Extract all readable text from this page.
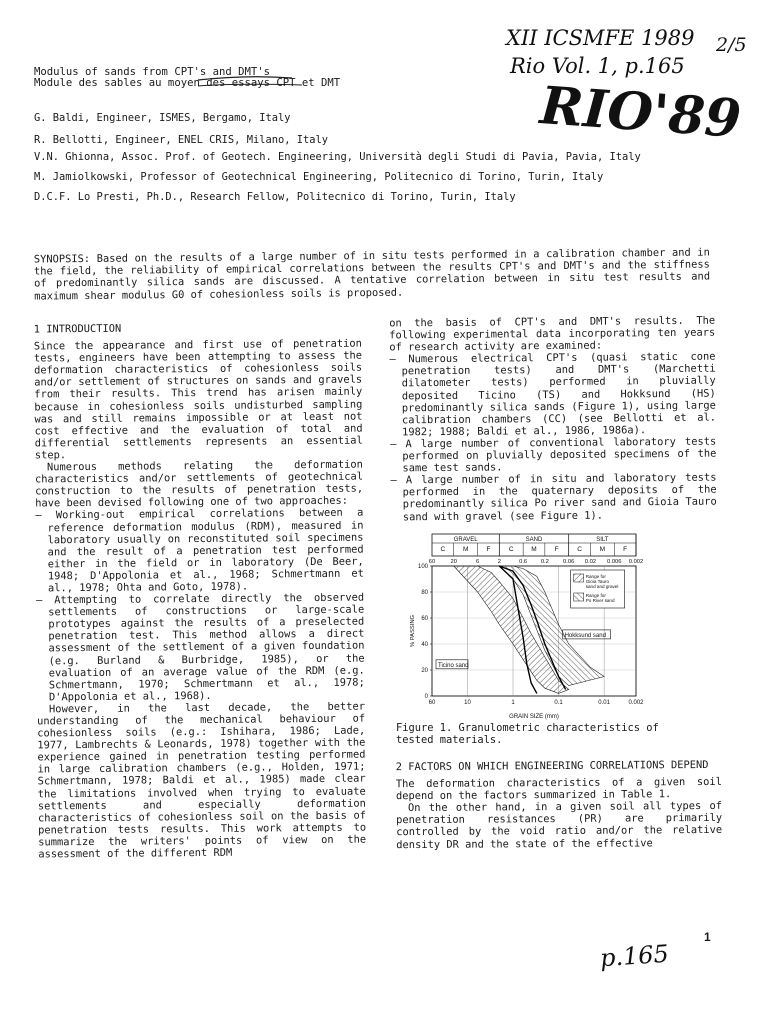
XII ICSMFE 1989 2/5
Rio Vol. 1, p.165
RIO'89
Modulus of sands from CPT's and DMT's
Module des sables au moyen des essays CPT et DMT
G. Baldi, Engineer, ISMES, Bergamo, Italy
R. Bellotti, Engineer, ENEL CRIS, Milano, Italy
V.N. Ghionna, Assoc. Prof. of Geotech. Engineering, Università degli Studi di Pavia, Pavia, Italy
M. Jamiolkowski, Professor of Geotechnical Engineering, Politecnico di Torino, Turin, Italy
D.C.F. Lo Presti, Ph.D., Research Fellow, Politecnico di Torino, Turin, Italy
SYNOPSIS: Based on the results of a large number of in situ tests performed in a calibration chamber and in the field, the reliability of empirical correlations between the results CPT's and DMT's and the stiffness of predominantly silica sands are discussed. A tentative correlation between in situ test results and maximum shear modulus G0 of cohesionless soils is proposed.

1 INTRODUCTION

Since the appearance and first use of penetration tests, engineers have been attempting to assess the deformation characteristics of cohesionless soils and/or settlement of structures on sands and gravels from their results. This trend has arisen mainly because in cohesionless soils undisturbed sampling was and still remains impossible or at least not cost effective and the evaluation of total and differential settlements represents an essential step.

Numerous methods relating the deformation characteristics and/or settlements of geotechnical construction to the results of penetration tests, have been devised following one of two approaches:

– Working-out empirical correlations between a reference deformation modulus (RDM), measured in laboratory usually on reconstituted soil specimens and the result of a penetration test performed either in the field or in laboratory (De Beer, 1948; D'Appolonia et al., 1968; Schmertmann et al., 1978; Ohta and Goto, 1978).

– Attempting to correlate directly the observed settlements of constructions or large-scale prototypes against the results of a preselected penetration test. This method allows a direct assessment of the settlement of a given foundation (e.g. Burland & Burbridge, 1985), or the evaluation of an average value of the RDM (e.g. Schmertmann, 1970; Schmertmann et al., 1978; D'Appolonia et al., 1968).

However, in the last decade, the better understanding of the mechanical behaviour of cohesionless soils (e.g.: Ishihara, 1986; Lade, 1977, Lambrechts & Leonards, 1978) together with the experience gained in penetration testing performed in large calibration chambers (e.g., Holden, 1971; Schmertmann, 1978; Baldi et al., 1985) made clear the limitations involved when trying to evaluate settlements and especially deformation characteristics of cohesionless soil on the basis of penetration tests results. This work attempts to summarize the writers' points of view on the assessment of the different RDM

on the basis of CPT's and DMT's results. The following experimental data incorporating ten years of research activity are examined:

– Numerous electrical CPT's (quasi static cone penetration tests) and DMT's (Marchetti dilatometer tests) performed in pluvially deposited Ticino (TS) and Hokksund (HS) predominantly silica sands (Figure 1), using large calibration chambers (CC) (see Bellotti et al. 1982; 1988; Baldi et al., 1986, 1986a).

– A large number of conventional laboratory tests performed on pluvially deposited specimens of the same test sands.

– A large number of in situ and laboratory tests performed in the quaternary deposits of the predominantly silica Po river sand and Gioia Tauro sand with gravel (see Figure 1).

GRAVEL	SAND	SILT
C	M	F	C	M	F	C	M	F
60	20	6	2	0.6 0.2 0.06 0.02 0.006 0.002
Ticino sand
Hokksund sand
Range for
Gioia Tauro
sand and gravel
Range for
Po River sand
0
20
40
60
80
100
60	10	1	0.1	0.01	0.002
% PASSING
GRAIN SIZE (mm)
Figure 1. Granulometric characteristics of tested materials.

2 FACTORS ON WHICH ENGINEERING CORRELATIONS DEPEND

The deformation characteristics of a given soil depend on the factors summarized in Table 1.

On the other hand, in a given soil all types of penetration resistances (PR) are primarily controlled by the void ratio and/or the relative density DR and the state of the effective

1
p.165
